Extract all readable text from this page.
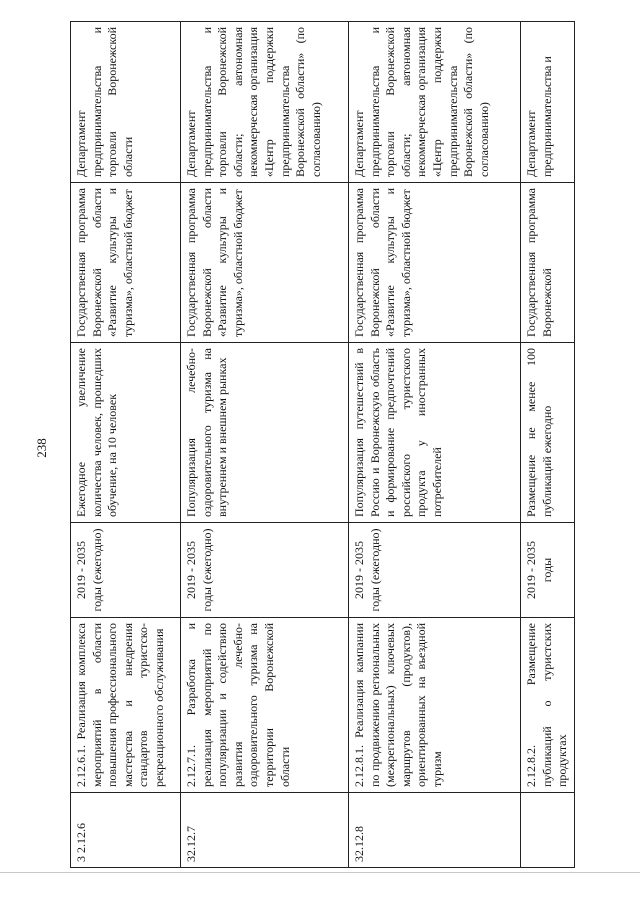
238
3 2.12.6	2.12.6.1. Реализация комплекса мероприятий в области повышения профессионального мастерства и внедрения стандартов туристско-рекреационного обслуживания	2019 - 2035 годы (ежегодно)	Ежегодное увеличение количества человек, прошедших обучение, на 10 человек	Государственная программа Воронежской области «Развитие культуры и туризма», областной бюджет	Департамент предпринимательства и торговли Воронежской области
32.12.7	2.12.7.1. Разработка и реализация мероприятий по популяризации и содействию развития лечебно-оздоровительного туризма на территории Воронежской области	2019 - 2035 годы (ежегодно)	Популяризация лечебно-оздоровительного туризма на внутреннем и внешнем рынках	Государственная программа Воронежской области «Развитие культуры и туризма», областной бюджет	Департамент предпринимательства и торговли Воронежской области; автономная некоммерческая организация «Центр поддержки предпринимательства Воронежской области» (по согласованию)
32.12.8	2.12.8.1. Реализация кампании по продвижению региональных (межрегиональных) ключевых маршрутов (продуктов), ориентированных на въездной туризм	2019 - 2035 годы (ежегодно)	Популяризация путешествий в Россию и Воронежскую область и формирование предпочтений российского туристского продукта у иностранных потребителей	Государственная программа Воронежской области «Развитие культуры и туризма», областной бюджет	Департамент предпринимательства и торговли Воронежской области; автономная некоммерческая организация «Центр поддержки предпринимательства Воронежской области» (по согласованию)
	2.12.8.2. Размещение публикаций о туристских продуктах	2019 - 2035 годы	Размещение не менее 100 публикаций ежегодно	Государственная программа Воронежской	Департамент предпринимательства и
